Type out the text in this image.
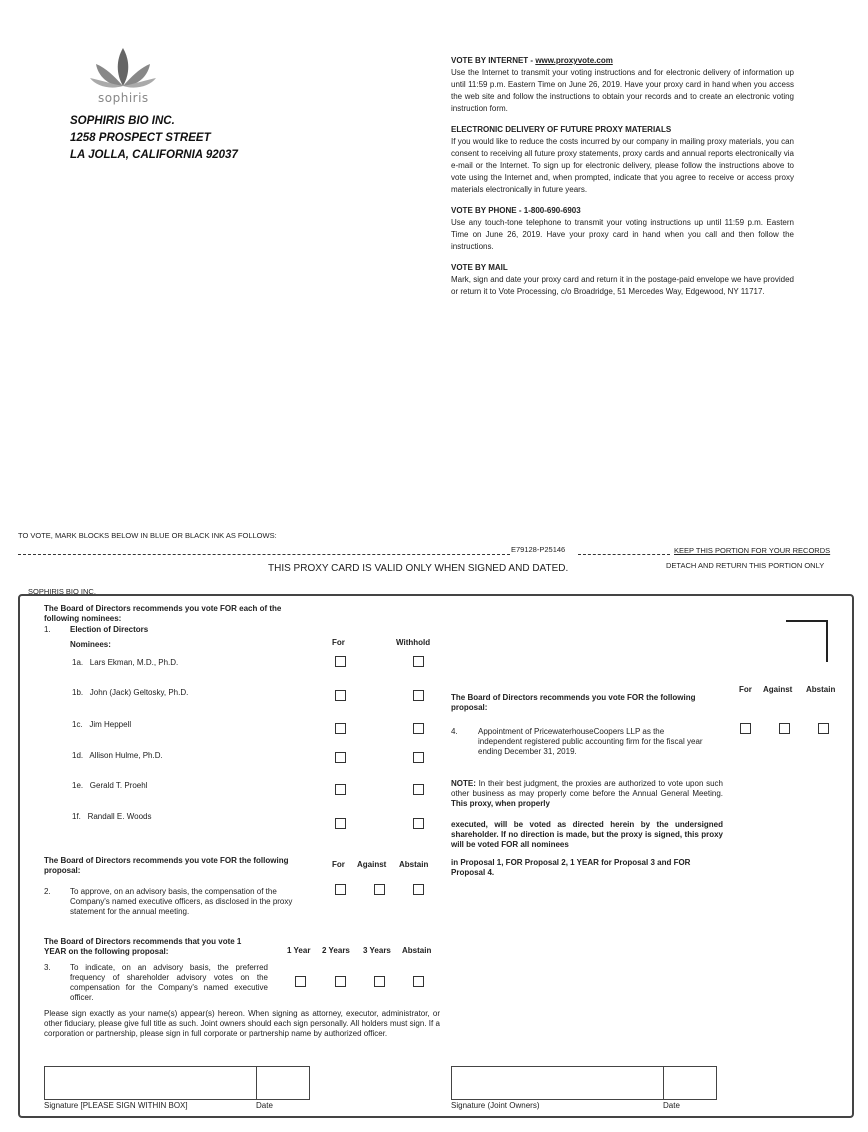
sophiris
SOPHIRIS BIO INC.
1258 PROSPECT STREET
LA JOLLA, CALIFORNIA 92037
VOTE BY INTERNET - www.proxyvote.com
Use the Internet to transmit your voting instructions and for electronic delivery of information up until 11:59 p.m. Eastern Time on June 26, 2019. Have your proxy card in hand when you access the web site and follow the instructions to obtain your records and to create an electronic voting instruction form.
ELECTRONIC DELIVERY OF FUTURE PROXY MATERIALS
If you would like to reduce the costs incurred by our company in mailing proxy materials, you can consent to receiving all future proxy statements, proxy cards and annual reports electronically via e-mail or the Internet. To sign up for electronic delivery, please follow the instructions above to vote using the Internet and, when prompted, indicate that you agree to receive or access proxy materials electronically in future years.
VOTE BY PHONE - 1-800-690-6903
Use any touch-tone telephone to transmit your voting instructions up until 11:59 p.m. Eastern Time on June 26, 2019. Have your proxy card in hand when you call and then follow the instructions.
VOTE BY MAIL
Mark, sign and date your proxy card and return it in the postage-paid envelope we have provided or return it to Vote Processing, c/o Broadridge, 51 Mercedes Way, Edgewood, NY 11717.
TO VOTE, MARK BLOCKS BELOW IN BLUE OR BLACK INK AS FOLLOWS:
E79128-P25146	KEEP THIS PORTION FOR YOUR RECORDS
THIS PROXY CARD IS VALID ONLY WHEN SIGNED AND DATED.	DETACH AND RETURN THIS PORTION ONLY
SOPHIRIS BIO INC.
The Board of Directors recommends you vote FOR each of the following nominees:
1. Election of Directors
Nominees:	For	Withhold
1a. Lars Ekman, M.D., Ph.D.
1b. John (Jack) Geltosky, Ph.D.
1c. Jim Heppell
1d. Allison Hulme, Ph.D.
1e. Gerald T. Proehl
1f. Randall E. Woods
The Board of Directors recommends you vote FOR the following proposal:
For Against Abstain
2. To approve, on an advisory basis, the compensation of the Company's named executive officers, as disclosed in the proxy statement for the annual meeting.
The Board of Directors recommends that you vote 1 YEAR on the following proposal:	1 Year 2 Years 3 Years Abstain
3. To indicate, on an advisory basis, the preferred frequency of shareholder advisory votes on the compensation for the Company's named executive officer.
Please sign exactly as your name(s) appear(s) hereon. When signing as attorney, executor, administrator, or other fiduciary, please give full title as such. Joint owners should each sign personally. All holders must sign. If a corporation or partnership, please sign in full corporate or partnership name by authorized officer.
For Against Abstain
The Board of Directors recommends you vote FOR the following proposal:
4.	Appointment of PricewaterhouseCoopers LLP as the independent registered public accounting firm for the fiscal year ending December 31, 2019.
NOTE: In their best judgment, the proxies are authorized to vote upon such other business as may properly come before the Annual General Meeting. This proxy, when properly
executed, will be voted as directed herein by the undersigned shareholder. If no direction is made, but the proxy is signed, this proxy will be voted FOR all nominees
in Proposal 1, FOR Proposal 2, 1 YEAR for Proposal 3 and FOR Proposal 4.
Signature [PLEASE SIGN WITHIN BOX]	Date	Signature (Joint Owners)	Date
